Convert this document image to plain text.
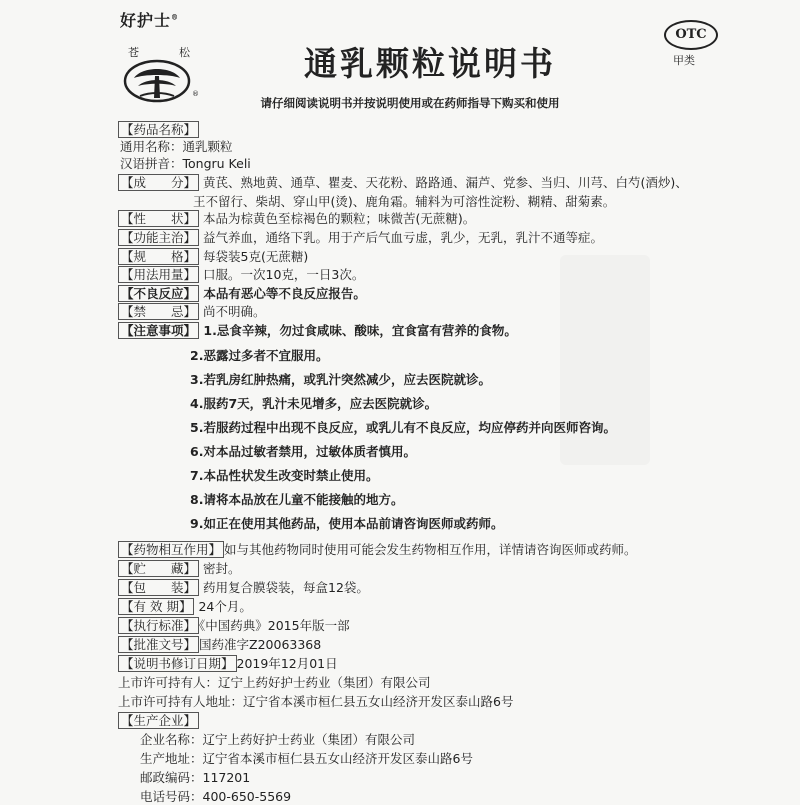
好护士®
苍	松
®
通乳颗粒说明书
OTC
甲类
请仔细阅读说明书并按说明使用或在药师指导下购买和使用
【药品名称】
通用名称：通乳颗粒
汉语拼音：Tongru Keli
【成　　分】 黄芪、熟地黄、通草、瞿麦、天花粉、路路通、漏芦、党参、当归、川芎、白芍(酒炒)、
王不留行、柴胡、穿山甲(烫)、鹿角霜。辅料为可溶性淀粉、糊精、甜菊素。
【性　　状】 本品为棕黄色至棕褐色的颗粒；味微苦(无蔗糖)。
【功能主治】 益气养血，通络下乳。用于产后气血亏虚，乳少，无乳，乳汁不通等症。
【规　　格】 每袋装5克(无蔗糖)
【用法用量】 口服。一次10克，一日3次。
【不良反应】 本品有恶心等不良反应报告。
【禁　　忌】 尚不明确。
【注意事项】 1.忌食辛辣，勿过食咸味、酸味，宜食富有营养的食物。
2.恶露过多者不宜服用。
3.若乳房红肿热痛，或乳汁突然减少，应去医院就诊。
4.服药7天，乳汁未见增多，应去医院就诊。
5.若服药过程中出现不良反应，或乳儿有不良反应，均应停药并向医师咨询。
6.对本品过敏者禁用，过敏体质者慎用。
7.本品性状发生改变时禁止使用。
8.请将本品放在儿童不能接触的地方。
9.如正在使用其他药品，使用本品前请咨询医师或药师。
【药物相互作用】 如与其他药物同时使用可能会发生药物相互作用，详情请咨询医师或药师。
【贮　　藏】 密封。
【包　　装】 药用复合膜袋装，每盒12袋。
【有 效 期】 24个月。
【执行标准】 《中国药典》2015年版一部
【批准文号】 国药准字Z20063368
【说明书修订日期】 2019年12月01日
上市许可持有人：辽宁上药好护士药业（集团）有限公司
上市许可持有人地址：辽宁省本溪市桓仁县五女山经济开发区泰山路6号
【生产企业】
企业名称：辽宁上药好护士药业（集团）有限公司
生产地址：辽宁省本溪市桓仁县五女山经济开发区泰山路6号
邮政编码：117201
电话号码：400-650-5569
